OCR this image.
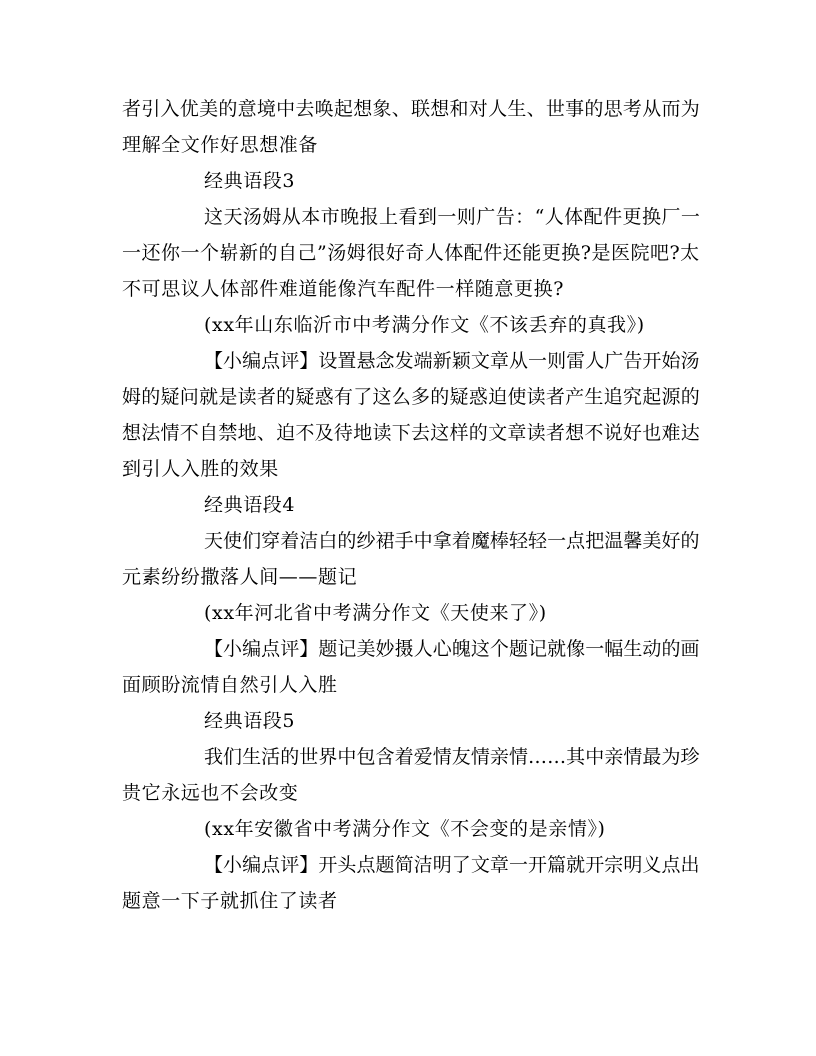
者引入优美的意境中去唤起想象、联想和对人生、世事的思考从而为
理解全文作好思想准备
经典语段3
这天汤姆从本市晚报上看到一则广告：“人体配件更换厂一
一还你一个崭新的自己”汤姆很好奇人体配件还能更换?是医院吧?太
不可思议人体部件难道能像汽车配件一样随意更换?
(xx年山东临沂市中考满分作文《不该丢弃的真我》)
【小编点评】设置悬念发端新颖文章从一则雷人广告开始汤
姆的疑问就是读者的疑惑有了这么多的疑惑迫使读者产生追究起源的
想法情不自禁地、迫不及待地读下去这样的文章读者想不说好也难达
到引人入胜的效果
经典语段4
天使们穿着洁白的纱裙手中拿着魔棒轻轻一点把温馨美好的
元素纷纷撒落人间——题记
(xx年河北省中考满分作文《天使来了》)
【小编点评】题记美妙摄人心魄这个题记就像一幅生动的画
面顾盼流情自然引人入胜
经典语段5
我们生活的世界中包含着爱情友情亲情……其中亲情最为珍
贵它永远也不会改变
(xx年安徽省中考满分作文《不会变的是亲情》)
【小编点评】开头点题简洁明了文章一开篇就开宗明义点出
题意一下子就抓住了读者
